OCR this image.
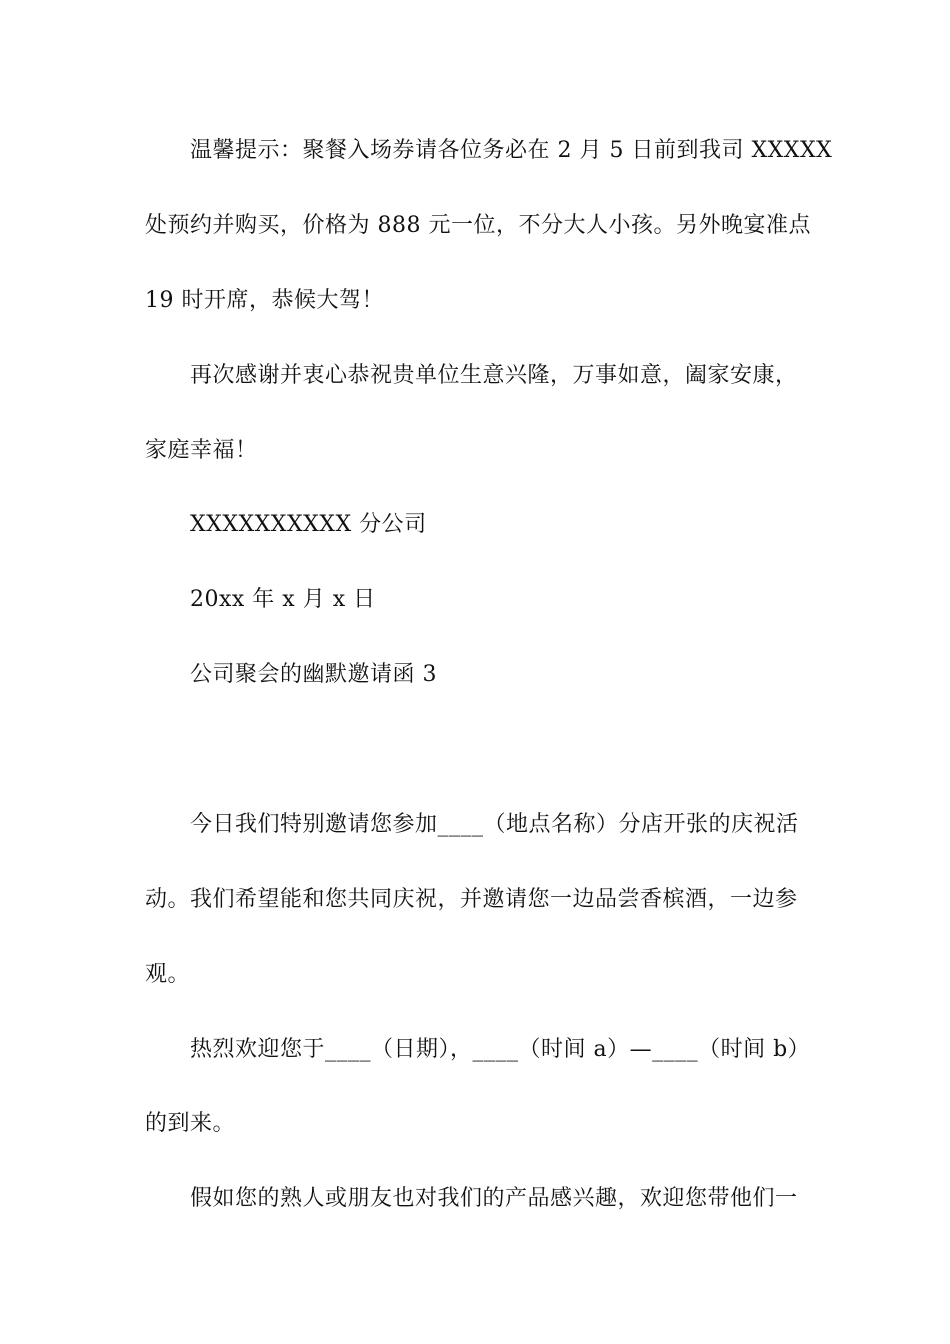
温馨提示：聚餐入场券请各位务必在 2 月 5 日前到我司 XXXXX
处预约并购买，价格为 888 元一位，不分大人小孩。另外晚宴准点
19 时开席，恭候大驾！
再次感谢并衷心恭祝贵单位生意兴隆，万事如意，阖家安康，
家庭幸福！
XXXXXXXXXX 分公司
20xx 年 x 月 x 日
公司聚会的幽默邀请函 3
今日我们特别邀请您参加____（地点名称）分店开张的庆祝活
动。我们希望能和您共同庆祝，并邀请您一边品尝香槟酒，一边参
观。
热烈欢迎您于____（日期），____（时间 a）—____（时间 b）
的到来。
假如您的熟人或朋友也对我们的产品感兴趣，欢迎您带他们一
